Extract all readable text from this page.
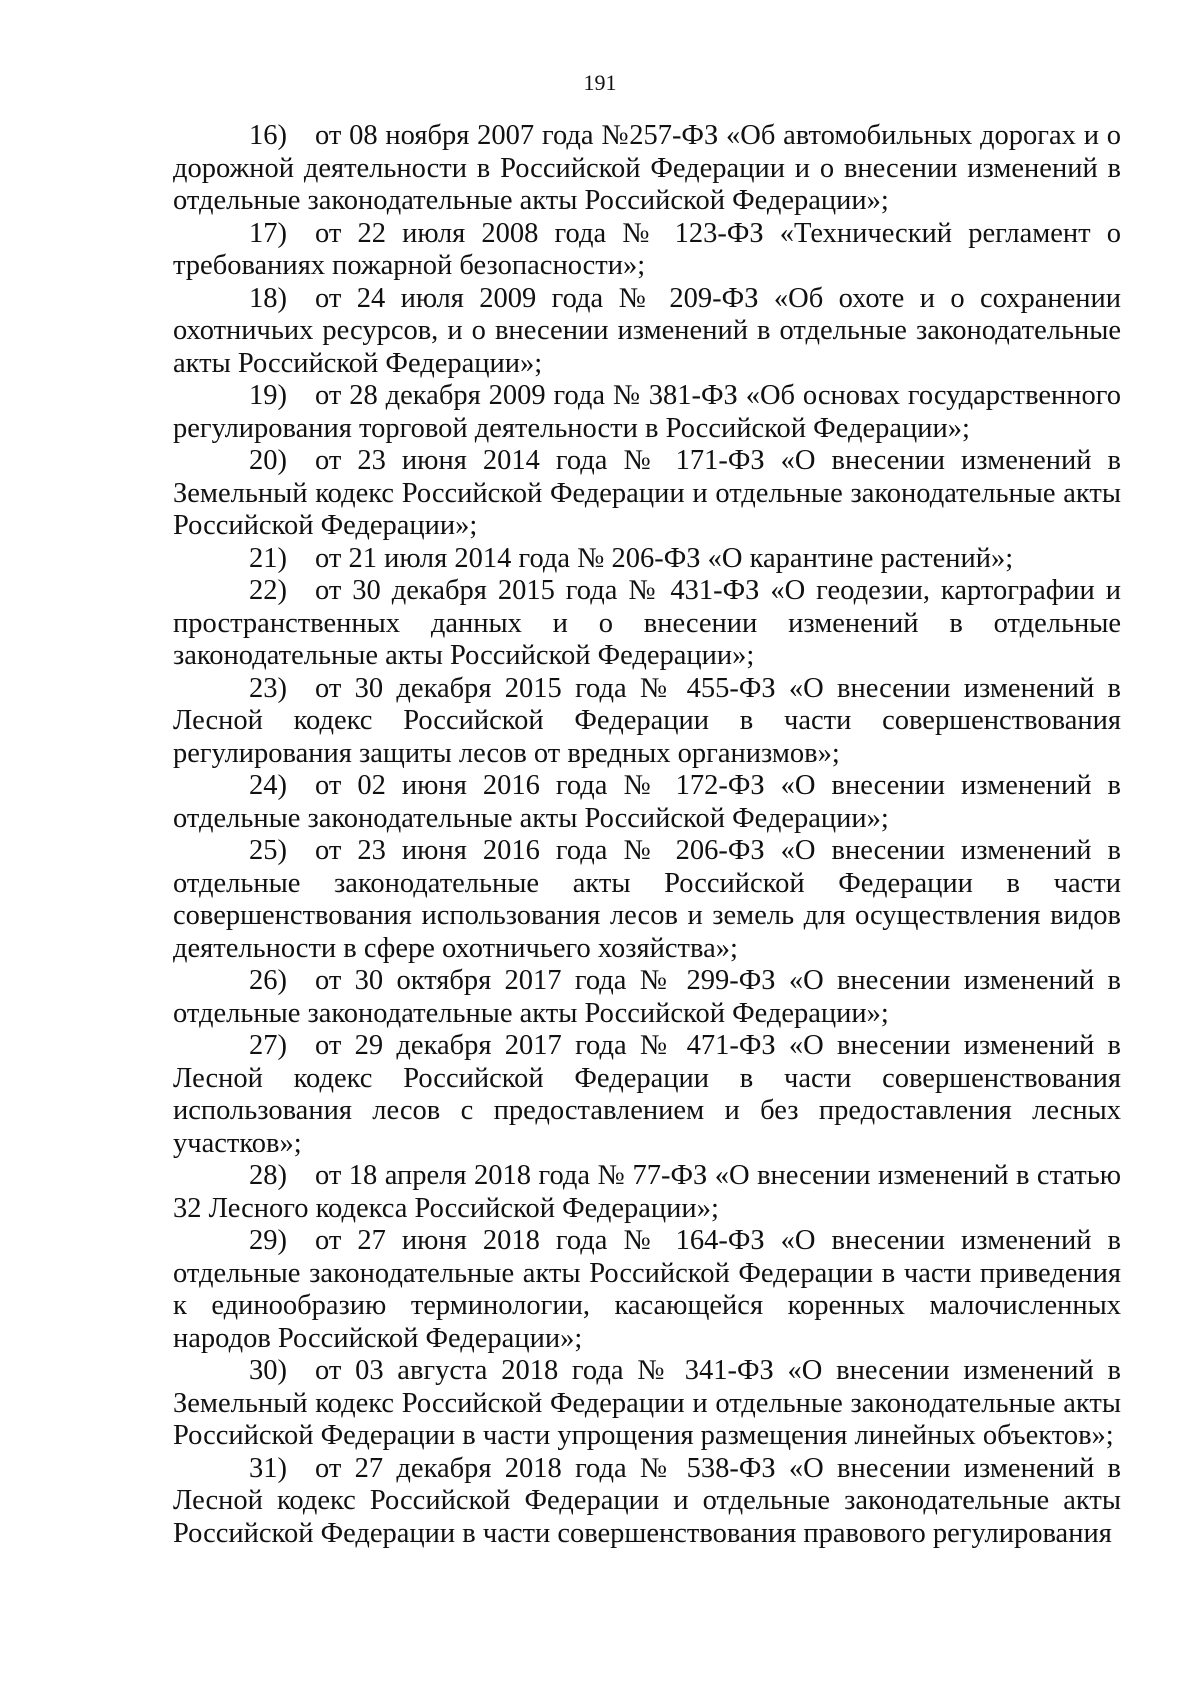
191

16) от 08 ноября 2007 года №257-ФЗ «Об автомобильных дорогах и о дорожной деятельности в Российской Федерации и о внесении изменений в отдельные законодательные акты Российской Федерации»;

17) от 22 июля 2008 года № 123-ФЗ «Технический регламент о требованиях пожарной безопасности»;

18) от 24 июля 2009 года № 209-ФЗ «Об охоте и о сохранении охотничьих ресурсов, и о внесении изменений в отдельные законодательные акты Российской Федерации»;

19) от 28 декабря 2009 года № 381-ФЗ «Об основах государственного регулирования торговой деятельности в Российской Федерации»;

20) от 23 июня 2014 года № 171-ФЗ «О внесении изменений в Земельный кодекс Российской Федерации и отдельные законодательные акты Российской Федерации»;

21) от 21 июля 2014 года № 206-ФЗ «О карантине растений»;

22) от 30 декабря 2015 года № 431-ФЗ «О геодезии, картографии и пространственных данных и о внесении изменений в отдельные законодательные акты Российской Федерации»;

23) от 30 декабря 2015 года № 455-ФЗ «О внесении изменений в Лесной кодекс Российской Федерации в части совершенствования регулирования защиты лесов от вредных организмов»;

24) от 02 июня 2016 года № 172-ФЗ «О внесении изменений в отдельные законодательные акты Российской Федерации»;

25) от 23 июня 2016 года № 206-ФЗ «О внесении изменений в отдельные законодательные акты Российской Федерации в части совершенствования использования лесов и земель для осуществления видов деятельности в сфере охотничьего хозяйства»;

26) от 30 октября 2017 года № 299-ФЗ «О внесении изменений в отдельные законодательные акты Российской Федерации»;

27) от 29 декабря 2017 года № 471-ФЗ «О внесении изменений в Лесной кодекс Российской Федерации в части совершенствования использования лесов с предоставлением и без предоставления лесных участков»;

28) от 18 апреля 2018 года № 77-ФЗ «О внесении изменений в статью 32 Лесного кодекса Российской Федерации»;

29) от 27 июня 2018 года № 164-ФЗ «О внесении изменений в отдельные законодательные акты Российской Федерации в части приведения к единообразию терминологии, касающейся коренных малочисленных народов Российской Федерации»;

30) от 03 августа 2018 года № 341-ФЗ «О внесении изменений в Земельный кодекс Российской Федерации и отдельные законодательные акты Российской Федерации в части упрощения размещения линейных объектов»;

31) от 27 декабря 2018 года № 538-ФЗ «О внесении изменений в Лесной кодекс Российской Федерации и отдельные законодательные акты Российской Федерации в части совершенствования правового регулирования
